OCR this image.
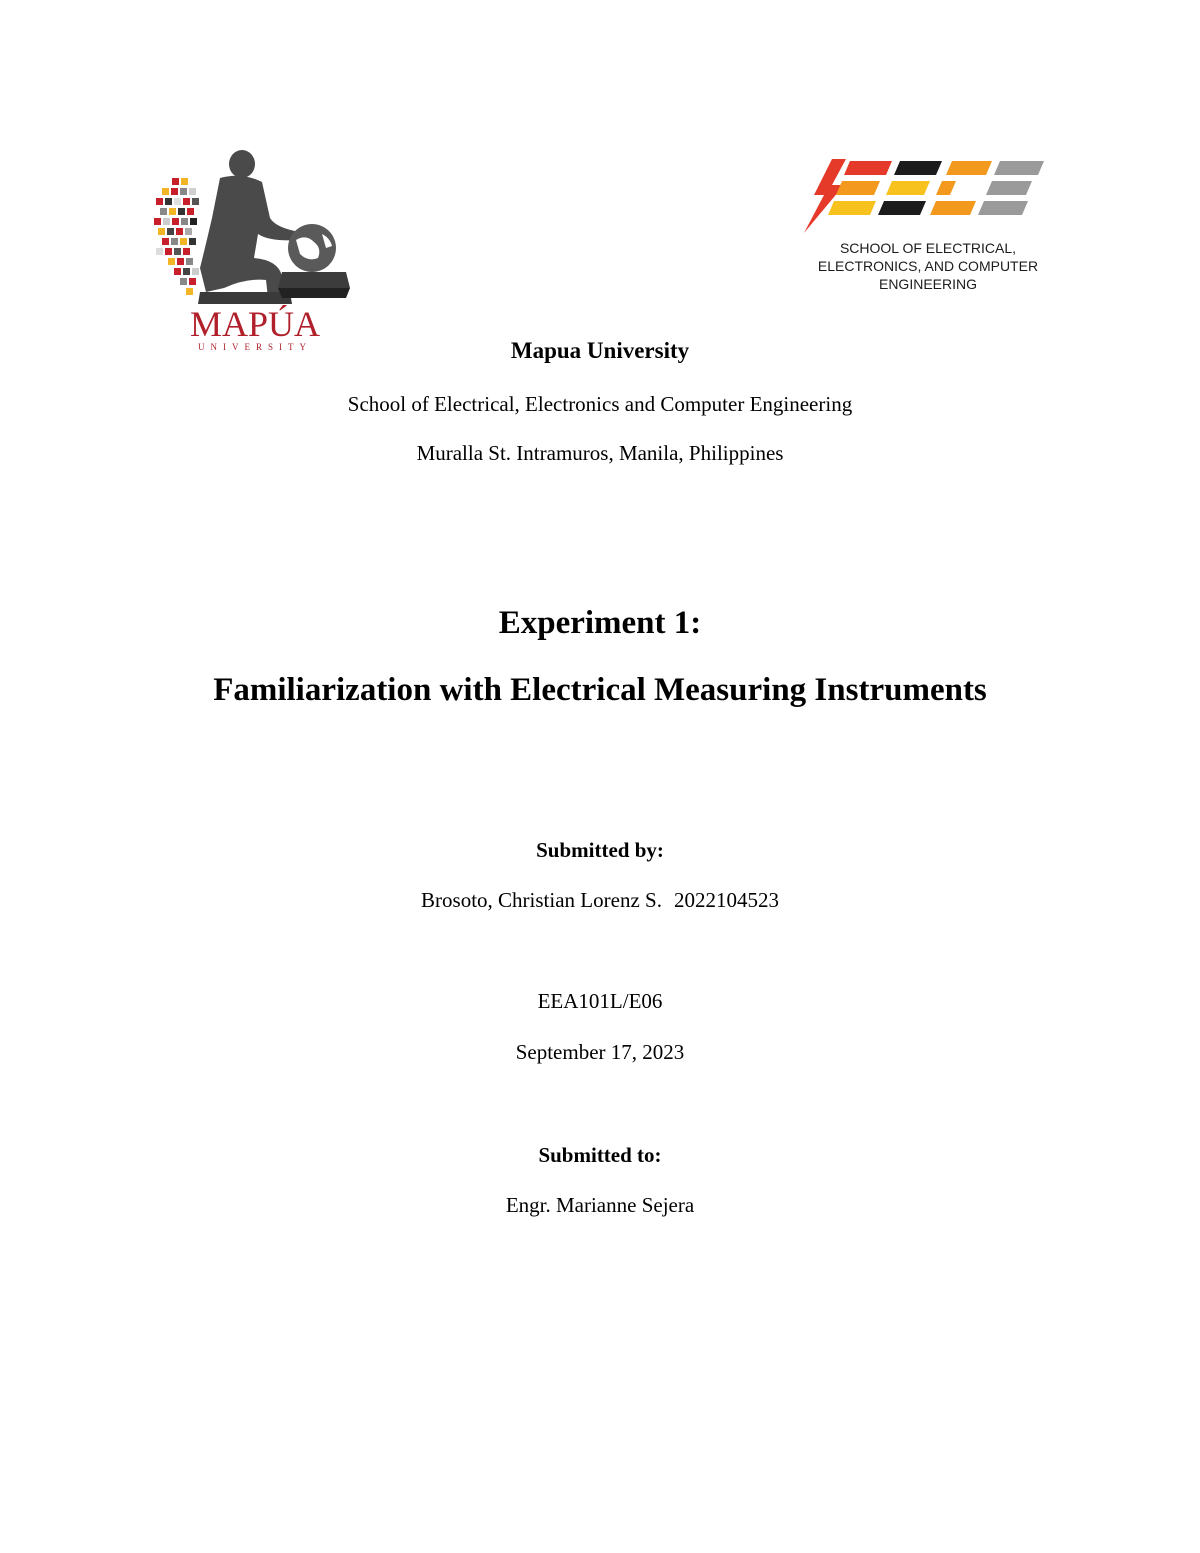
MAPÚA
UNIVERSITY
SCHOOL OF ELECTRICAL,
ELECTRONICS, AND COMPUTER
ENGINEERING
Mapua University
School of Electrical, Electronics and Computer Engineering
Muralla St. Intramuros, Manila, Philippines
Experiment 1:
Familiarization with Electrical Measuring Instruments
Submitted by:
Brosoto, Christian Lorenz S. 2022104523
EEA101L/E06
September 17, 2023
Submitted to:
Engr. Marianne Sejera
